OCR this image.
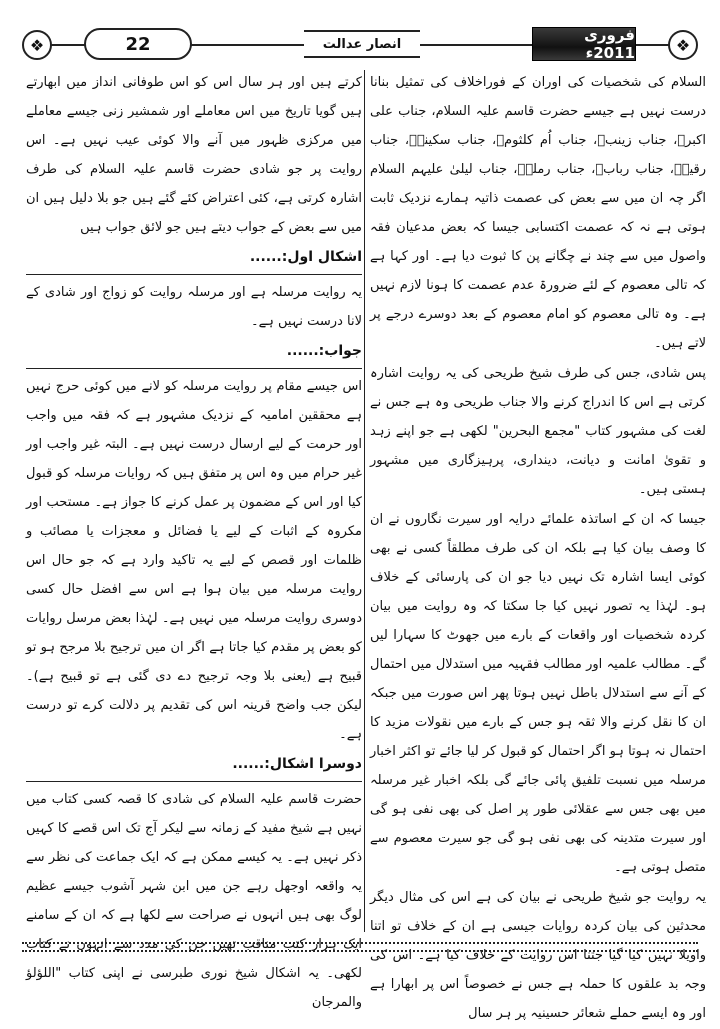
❖	22	انصار عدالت	فروری 2011ء	❖

السلام کی شخصیات کی اوران کے فوراخلاف کی تمثیل بنانا درست نہیں ہے جیسے حضرت قاسم علیہ السلام، جناب علی اکبرؑ، جناب زینبؑ، جناب اُم کلثومؑ، جناب سکینہؑ، جناب رقیہؑ، جناب ربابؑ، جناب رملہؑ، جناب لیلیٰ علیہم السلام اگر چہ ان میں سے بعض کی عصمت ذاتیہ ہمارے نزدیک ثابت ہوتی ہے نہ کہ عصمت اکتسابی جیسا کہ بعض مدعیان فقہ واصول میں سے چند نے چگانے پن کا ثبوت دیا ہے۔ اور کہا ہے کہ تالی معصوم کے لئے ضرورۃ عدم عصمت کا ہونا لازم نہیں ہے۔ وہ تالی معصوم کو امام معصوم کے بعد دوسرے درجے پر لاتے ہیں۔

پس شادی، جس کی طرف شیخ طریحی کی یہ روایت اشارہ کرتی ہے اس کا اندراج کرنے والا جناب طریحی وہ ہے جس نے لغت کی مشہور کتاب "مجمع البحرین" لکھی ہے جو اپنے زہد و تقویٰ امانت و دیانت، دینداری، پرہیزگاری میں مشہور ہستی ہیں۔

جیسا کہ ان کے اساتذہ علمائے درایہ اور سیرت نگاروں نے ان کا وصف بیان کیا ہے بلکہ ان کی طرف مطلقاً کسی نے بھی کوئی ایسا اشارہ تک نہیں دیا جو ان کی پارسائی کے خلاف ہو۔ لہٰذا یہ تصور نہیں کیا جا سکتا کہ وہ روایت میں بیان کردہ شخصیات اور واقعات کے بارے میں جھوٹ کا سہارا لیں گے۔ مطالب علمیہ اور مطالب فقہیہ میں استدلال میں احتمال کے آنے سے استدلال باطل نہیں ہوتا پھر اس صورت میں جبکہ ان کا نقل کرنے والا ثقہ ہو جس کے بارے میں نقولات مزید کا احتمال نہ ہوتا ہو اگر احتمال کو قبول کر لیا جائے تو اکثر اخبار مرسلہ میں نسبت تلفیق پائی جائے گی بلکہ اخبار غیر مرسلہ میں بھی جس سے عقلائی طور پر اصل کی بھی نفی ہو گی اور سیرت متدینہ کی بھی نفی ہو گی جو سیرت معصوم سے متصل ہوتی ہے۔

یہ روایت جو شیخ طریحی نے بیان کی ہے اس کی مثال دیگر محدثین کی بیان کردہ روایات جیسی ہے ان کے خلاف تو اتنا واویلا نہیں کیا گیا جتنا اس روایت کے خلاف کیا ہے۔ اس کی وجہ بد علقوں کا حملہ ہے جس نے خصوصاً اس پر ابھارا ہے اور وہ ایسے حملے شعائر حسینیہ پر ہر سال

کرتے ہیں اور ہر سال اس کو اس طوفانی انداز میں ابھارتے ہیں گویا تاریخ میں اس معاملے اور شمشیر زنی جیسے معاملے میں مرکزی ظہور میں آنے والا کوئی عیب نہیں ہے۔ اس روایت پر جو شادی حضرت قاسم علیہ السلام کی طرف اشارہ کرتی ہے، کئی اعتراض کئے گئے ہیں جو بلا دلیل ہیں ان میں سے بعض کے جواب دیتے ہیں جو لائق جواب ہیں

اشکال اول:......

یہ روایت مرسلہ ہے اور مرسلہ روایت کو زواج اور شادی کے لانا درست نہیں ہے۔

جواب:......

اس جیسے مقام پر روایت مرسلہ کو لانے میں کوئی حرج نہیں ہے محققین امامیہ کے نزدیک مشہور ہے کہ فقہ میں واجب اور حرمت کے لیے ارسال درست نہیں ہے۔ البتہ غیر واجب اور غیر حرام میں وہ اس پر متفق ہیں کہ روایات مرسلہ کو قبول کیا اور اس کے مضمون پر عمل کرنے کا جواز ہے۔ مستحب اور مکروہ کے اثبات کے لیے یا فضائل و معجزات یا مصائب و ظلمات اور قصص کے لیے یہ تاکید وارد ہے کہ جو حال اس روایت مرسلہ میں بیان ہوا ہے اس سے افضل حال کسی دوسری روایت مرسلہ میں نہیں ہے۔ لہٰذا بعض مرسل روایات کو بعض پر مقدم کیا جاتا ہے اگر ان میں ترجیح بلا مرجح ہو تو قبیح ہے (یعنی بلا وجہ ترجیح دے دی گئی ہے تو قبیح ہے)۔ لیکن جب واضح قرینہ اس کی تقدیم پر دلالت کرے تو درست ہے۔

دوسرا اشکال:......

حضرت قاسم علیہ السلام کی شادی کا قصہ کسی کتاب میں نہیں ہے شیخ مفید کے زمانہ سے لیکر آج تک اس قصے کا کہیں ذکر نہیں ہے۔ یہ کیسے ممکن ہے کہ ایک جماعت کی نظر سے یہ واقعہ اوجھل رہے جن میں ابن شہر آشوب جیسے عظیم لوگ بھی ہیں انہوں نے صراحت سے لکھا ہے کہ ان کے سامنے ایک ہزار کتب مناقب تھیں جن کی مدد سے انہوں نے کتاب لکھی۔ یہ اشکال شیخ نوری طبرسی نے اپنی کتاب "اللؤلؤ والمرجان
